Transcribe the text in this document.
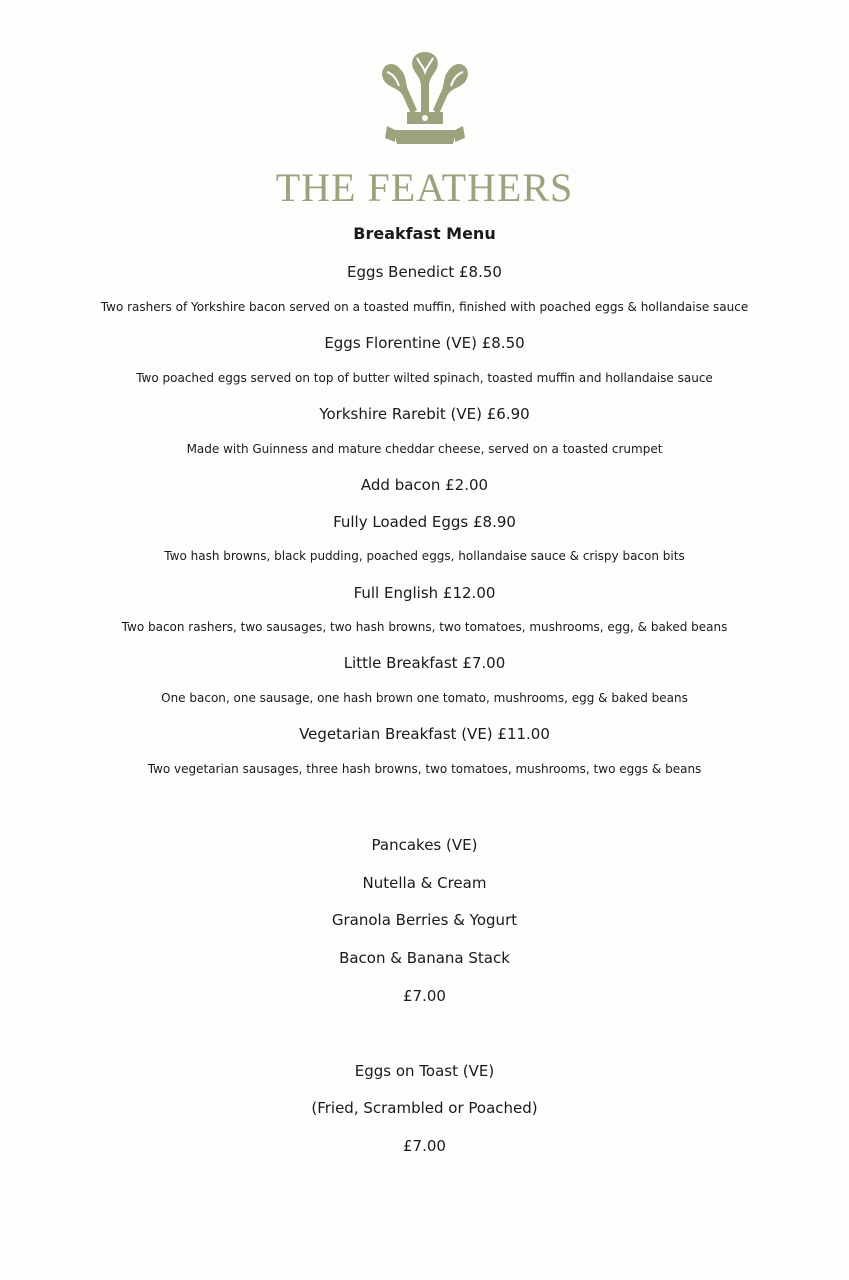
THE FEATHERS
Breakfast Menu
Eggs Benedict £8.50
Two rashers of Yorkshire bacon served on a toasted muffin, finished with poached eggs & hollandaise sauce
Eggs Florentine (VE) £8.50
Two poached eggs served on top of butter wilted spinach, toasted muffin and hollandaise sauce
Yorkshire Rarebit (VE) £6.90
Made with Guinness and mature cheddar cheese, served on a toasted crumpet
Add bacon £2.00
Fully Loaded Eggs £8.90
Two hash browns, black pudding, poached eggs, hollandaise sauce & crispy bacon bits
Full English £12.00
Two bacon rashers, two sausages, two hash browns, two tomatoes, mushrooms, egg, & baked beans
Little Breakfast £7.00
One bacon, one sausage, one hash brown one tomato, mushrooms, egg & baked beans
Vegetarian Breakfast (VE) £11.00
Two vegetarian sausages, three hash browns, two tomatoes, mushrooms, two eggs & beans
Pancakes (VE)
Nutella & Cream
Granola Berries & Yogurt
Bacon & Banana Stack
£7.00
Eggs on Toast (VE)
(Fried, Scrambled or Poached)
£7.00
